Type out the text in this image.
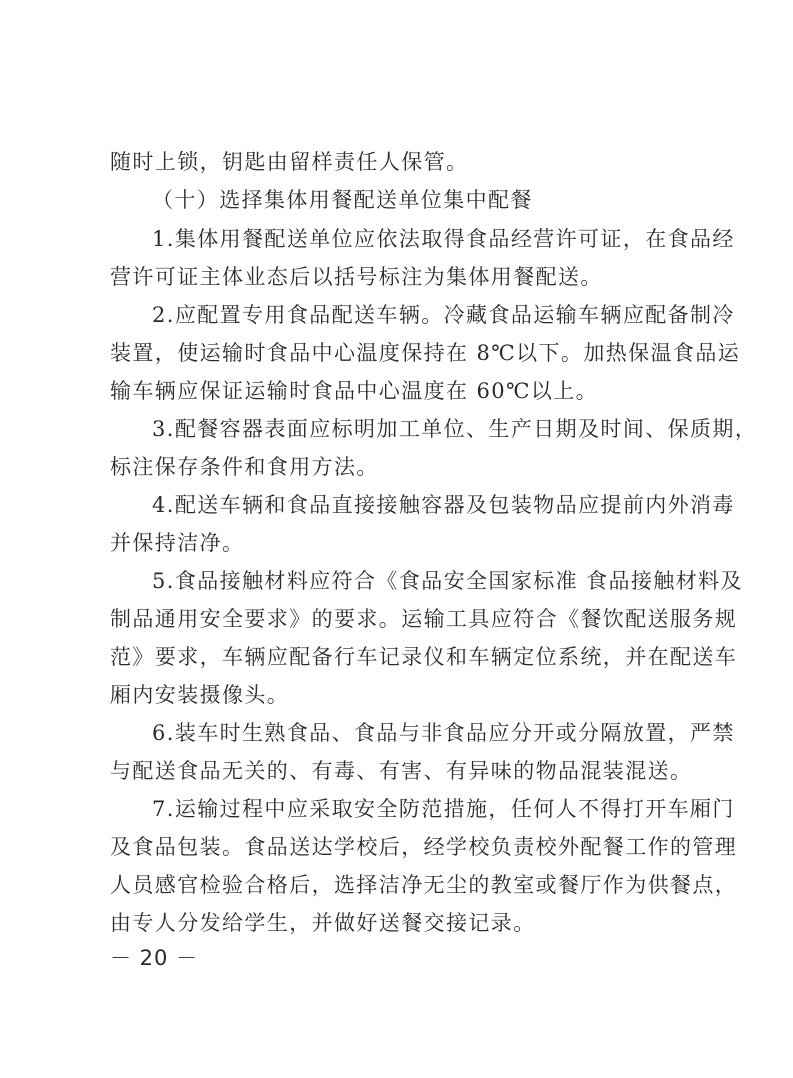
随时上锁，钥匙由留样责任人保管。
（十）选择集体用餐配送单位集中配餐
1.集体用餐配送单位应依法取得食品经营许可证，在食品经
营许可证主体业态后以括号标注为集体用餐配送。
2.应配置专用食品配送车辆。冷藏食品运输车辆应配备制冷
装置，使运输时食品中心温度保持在 8℃以下。加热保温食品运
输车辆应保证运输时食品中心温度在 60℃以上。
3.配餐容器表面应标明加工单位、生产日期及时间、保质期，
标注保存条件和食用方法。
4.配送车辆和食品直接接触容器及包装物品应提前内外消毒
并保持洁净。
5.食品接触材料应符合《食品安全国家标准 食品接触材料及
制品通用安全要求》的要求。运输工具应符合《餐饮配送服务规
范》要求，车辆应配备行车记录仪和车辆定位系统，并在配送车
厢内安装摄像头。
6.装车时生熟食品、食品与非食品应分开或分隔放置，严禁
与配送食品无关的、有毒、有害、有异味的物品混装混送。
7.运输过程中应采取安全防范措施，任何人不得打开车厢门
及食品包装。食品送达学校后，经学校负责校外配餐工作的管理
人员感官检验合格后，选择洁净无尘的教室或餐厅作为供餐点，
由专人分发给学生，并做好送餐交接记录。
－ 20 －
